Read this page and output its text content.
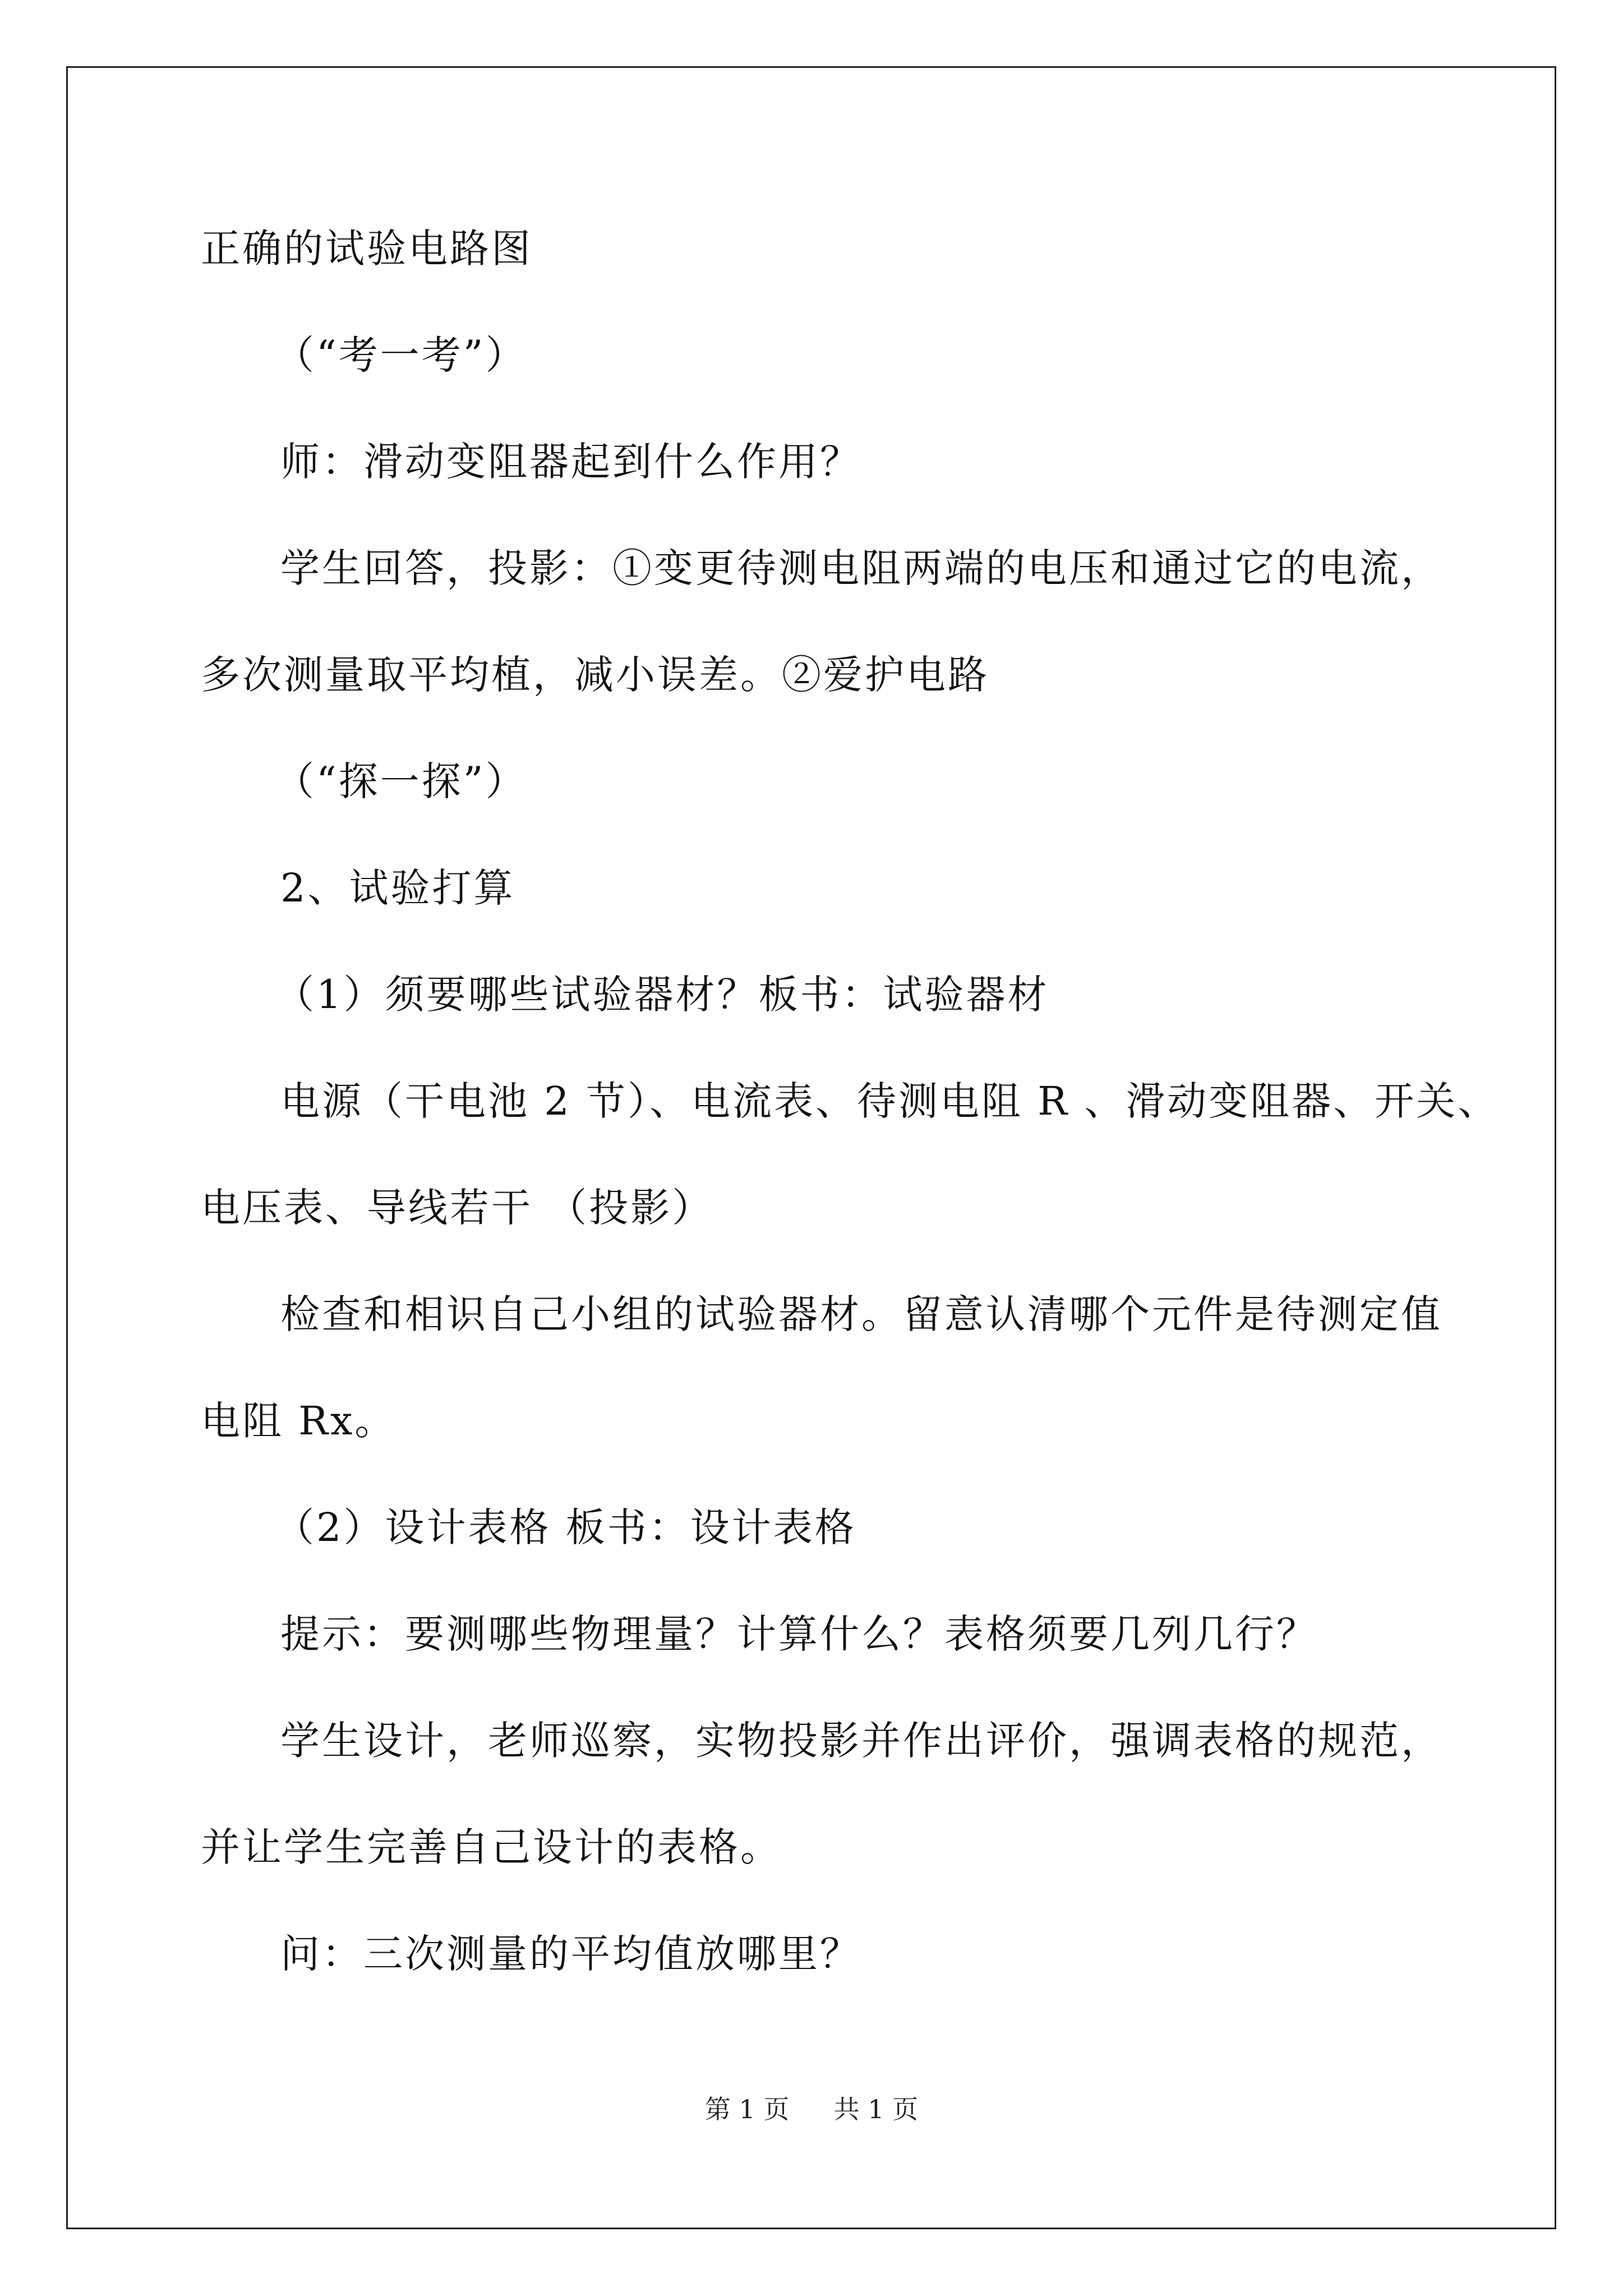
正确的试验电路图
（“考一考”）
师：滑动变阻器起到什么作用？
学生回答，投影：①变更待测电阻两端的电压和通过它的电流，
多次测量取平均植，减小误差。②爱护电路
（“探一探”）
2、试验打算
（1）须要哪些试验器材？板书：试验器材
电源（干电池 2 节）、电流表、待测电阻 R 、滑动变阻器、开关、
电压表、导线若干 （投影）
检查和相识自己小组的试验器材。留意认清哪个元件是待测定值
电阻 Rx。
（2）设计表格 板书：设计表格
提示：要测哪些物理量？计算什么？表格须要几列几行？
学生设计，老师巡察，实物投影并作出评价，强调表格的规范，
并让学生完善自己设计的表格。
问：三次测量的平均值放哪里？
第 1 页 共 1 页
